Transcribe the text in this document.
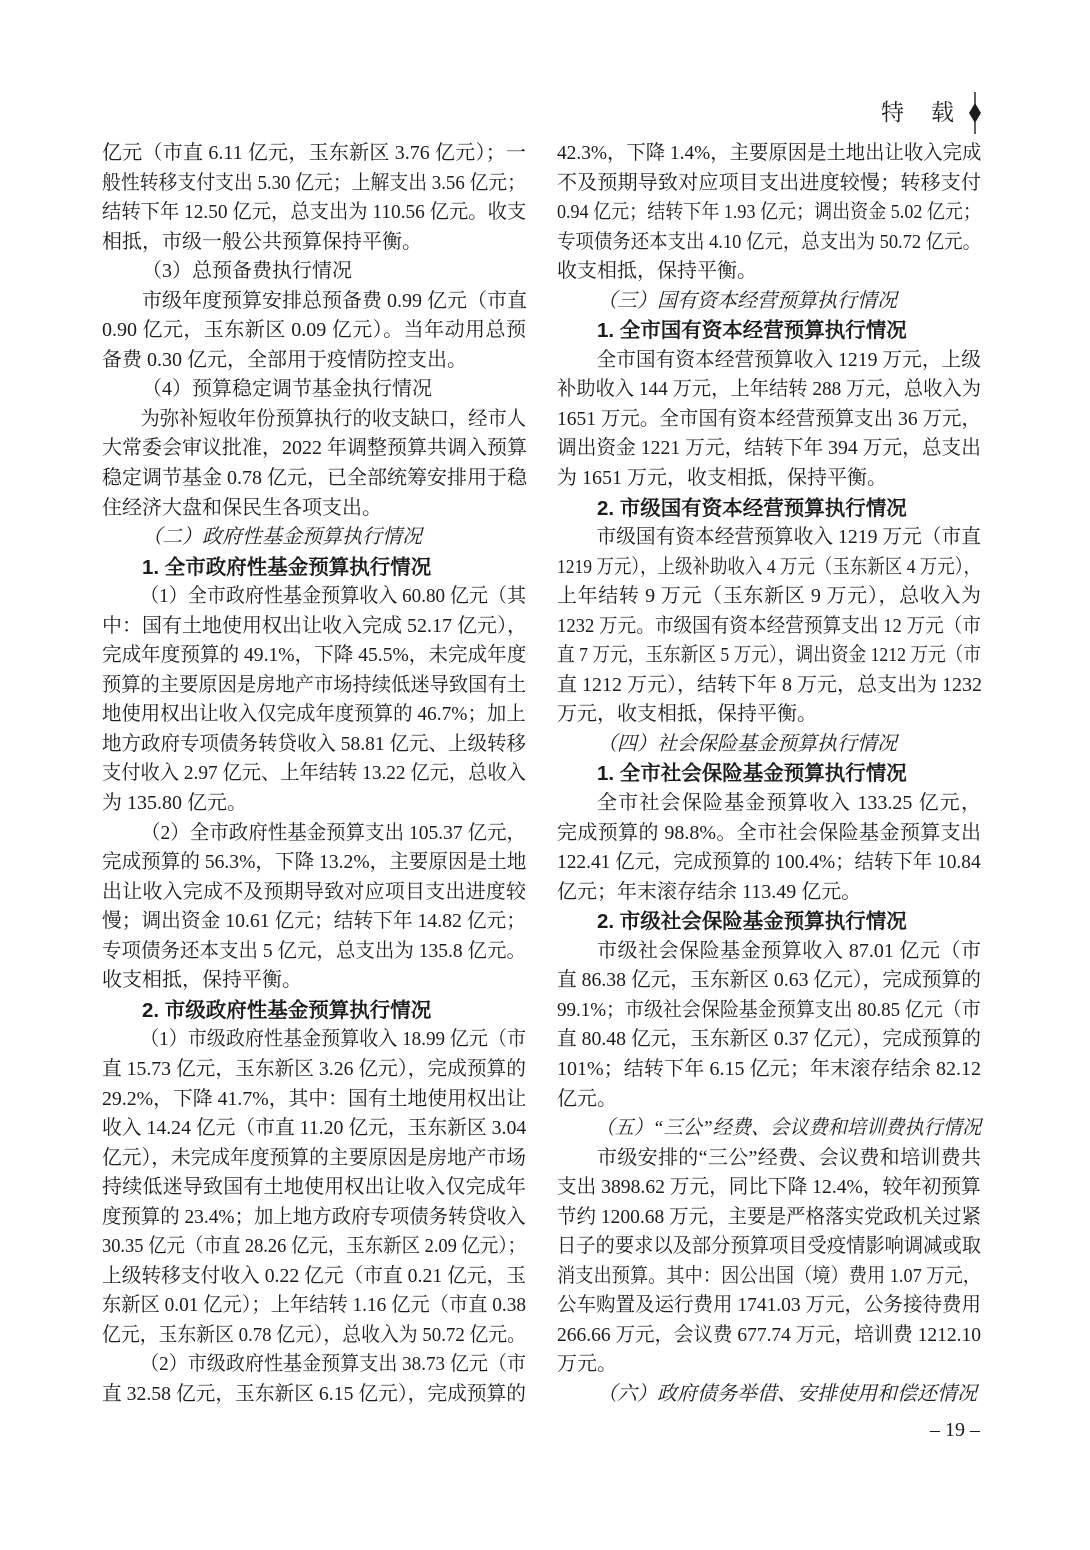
特　载
亿元（市直 6.11 亿元，玉东新区 3.76 亿元）；一
般性转移支付支出 5.30 亿元；上解支出 3.56 亿元；
结转下年 12.50 亿元，总支出为 110.56 亿元。收支
相抵，市级一般公共预算保持平衡。
（3）总预备费执行情况
市级年度预算安排总预备费 0.99 亿元（市直
0.90 亿元，玉东新区 0.09 亿元）。当年动用总预
备费 0.30 亿元，全部用于疫情防控支出。
（4）预算稳定调节基金执行情况
为弥补短收年份预算执行的收支缺口，经市人
大常委会审议批准，2022 年调整预算共调入预算
稳定调节基金 0.78 亿元，已全部统筹安排用于稳
住经济大盘和保民生各项支出。
（二）政府性基金预算执行情况
1. 全市政府性基金预算执行情况
（1）全市政府性基金预算收入 60.80 亿元（其
中：国有土地使用权出让收入完成 52.17 亿元），
完成年度预算的 49.1%，下降 45.5%，未完成年度
预算的主要原因是房地产市场持续低迷导致国有土
地使用权出让收入仅完成年度预算的 46.7%；加上
地方政府专项债务转贷收入 58.81 亿元、上级转移
支付收入 2.97 亿元、上年结转 13.22 亿元，总收入
为 135.80 亿元。
（2）全市政府性基金预算支出 105.37 亿元，
完成预算的 56.3%，下降 13.2%，主要原因是土地
出让收入完成不及预期导致对应项目支出进度较
慢；调出资金 10.61 亿元；结转下年 14.82 亿元；
专项债务还本支出 5 亿元，总支出为 135.8 亿元。
收支相抵，保持平衡。
2. 市级政府性基金预算执行情况
（1）市级政府性基金预算收入 18.99 亿元（市
直 15.73 亿元，玉东新区 3.26 亿元），完成预算的
29.2%，下降 41.7%，其中：国有土地使用权出让
收入 14.24 亿元（市直 11.20 亿元，玉东新区 3.04
亿元），未完成年度预算的主要原因是房地产市场
持续低迷导致国有土地使用权出让收入仅完成年
度预算的 23.4%；加上地方政府专项债务转贷收入
30.35 亿元（市直 28.26 亿元，玉东新区 2.09 亿元）；
上级转移支付收入 0.22 亿元（市直 0.21 亿元，玉
东新区 0.01 亿元）；上年结转 1.16 亿元（市直 0.38
亿元，玉东新区 0.78 亿元），总收入为 50.72 亿元。
（2）市级政府性基金预算支出 38.73 亿元（市
直 32.58 亿元，玉东新区 6.15 亿元），完成预算的
42.3%，下降 1.4%，主要原因是土地出让收入完成
不及预期导致对应项目支出进度较慢；转移支付
0.94 亿元；结转下年 1.93 亿元；调出资金 5.02 亿元；
专项债务还本支出 4.10 亿元，总支出为 50.72 亿元。
收支相抵，保持平衡。
（三）国有资本经营预算执行情况
1. 全市国有资本经营预算执行情况
全市国有资本经营预算收入 1219 万元，上级
补助收入 144 万元，上年结转 288 万元，总收入为
1651 万元。全市国有资本经营预算支出 36 万元，
调出资金 1221 万元，结转下年 394 万元，总支出
为 1651 万元，收支相抵，保持平衡。
2. 市级国有资本经营预算执行情况
市级国有资本经营预算收入 1219 万元（市直
1219 万元），上级补助收入 4 万元（玉东新区 4 万元），
上年结转 9 万元（玉东新区 9 万元），总收入为
1232 万元。市级国有资本经营预算支出 12 万元（市
直 7 万元，玉东新区 5 万元），调出资金 1212 万元（市
直 1212 万元），结转下年 8 万元，总支出为 1232
万元，收支相抵，保持平衡。
（四）社会保险基金预算执行情况
1. 全市社会保险基金预算执行情况
全市社会保险基金预算收入 133.25 亿元，
完成预算的 98.8%。全市社会保险基金预算支出
122.41 亿元，完成预算的 100.4%；结转下年 10.84
亿元；年末滚存结余 113.49 亿元。
2. 市级社会保险基金预算执行情况
市级社会保险基金预算收入 87.01 亿元（市
直 86.38 亿元，玉东新区 0.63 亿元），完成预算的
99.1%；市级社会保险基金预算支出 80.85 亿元（市
直 80.48 亿元，玉东新区 0.37 亿元），完成预算的
101%；结转下年 6.15 亿元；年末滚存结余 82.12
亿元。
（五）“三公”经费、会议费和培训费执行情况
市级安排的“三公”经费、会议费和培训费共
支出 3898.62 万元，同比下降 12.4%，较年初预算
节约 1200.68 万元，主要是严格落实党政机关过紧
日子的要求以及部分预算项目受疫情影响调减或取
消支出预算。其中：因公出国（境）费用 1.07 万元，
公车购置及运行费用 1741.03 万元，公务接待费用
266.66 万元，会议费 677.74 万元，培训费 1212.10
万元。
（六）政府债务举借、安排使用和偿还情况
– 19 –
